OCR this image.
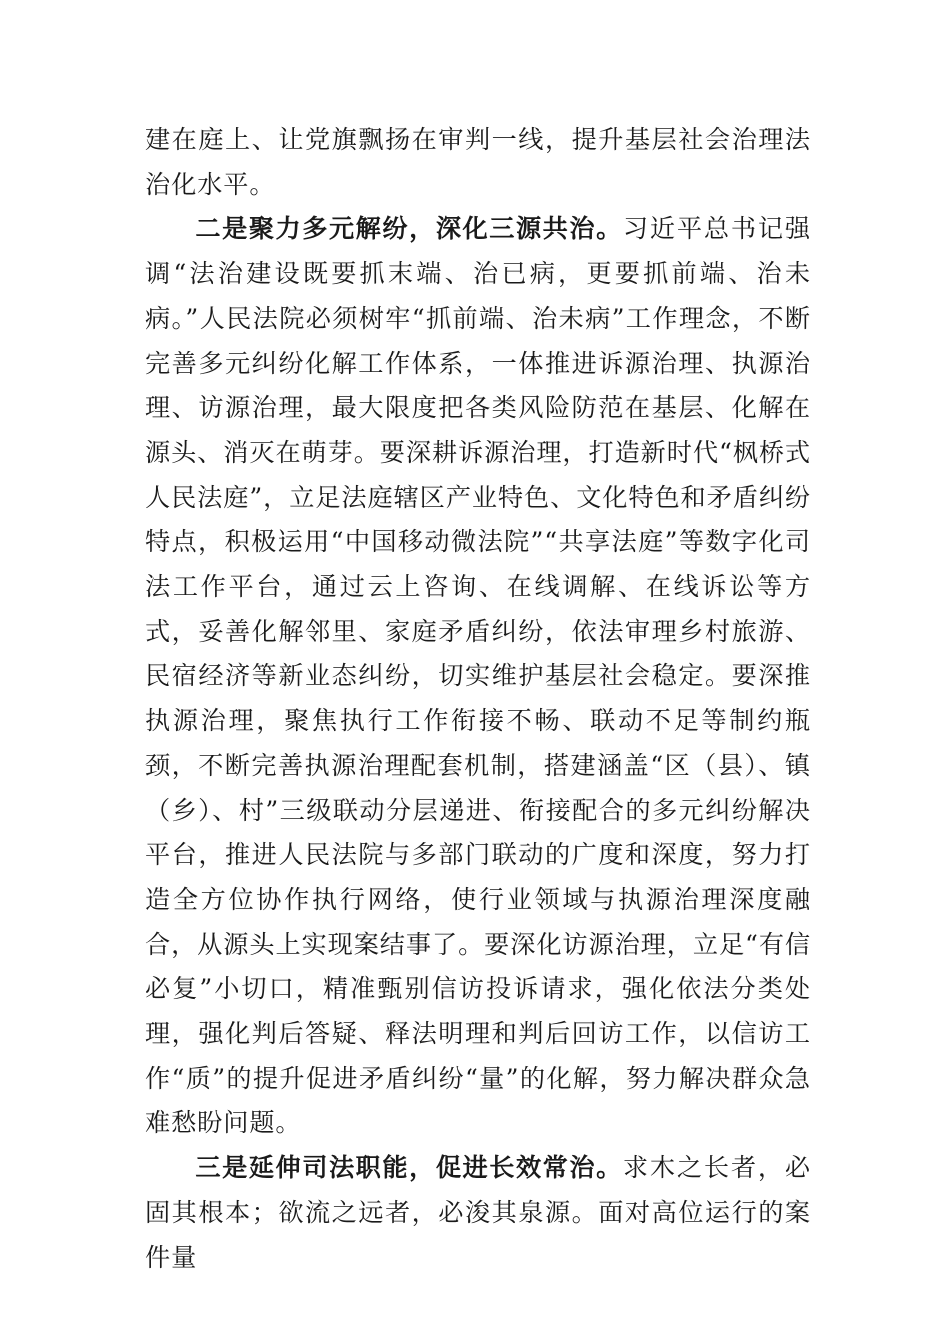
建在庭上、让党旗飘扬在审判一线，提升基层社会治理法治化水平。

二是聚力多元解纷，深化三源共治。习近平总书记强调“法治建设既要抓末端、治已病，更要抓前端、治未病。”人民法院必须树牢“抓前端、治未病”工作理念，不断完善多元纠纷化解工作体系，一体推进诉源治理、执源治理、访源治理，最大限度把各类风险防范在基层、化解在源头、消灭在萌芽。要深耕诉源治理，打造新时代“枫桥式人民法庭”，立足法庭辖区产业特色、文化特色和矛盾纠纷特点，积极运用“中国移动微法院”“共享法庭”等数字化司法工作平台，通过云上咨询、在线调解、在线诉讼等方式，妥善化解邻里、家庭矛盾纠纷，依法审理乡村旅游、民宿经济等新业态纠纷，切实维护基层社会稳定。要深推执源治理，聚焦执行工作衔接不畅、联动不足等制约瓶颈，不断完善执源治理配套机制，搭建涵盖“区（县）、镇（乡）、村”三级联动分层递进、衔接配合的多元纠纷解决平台，推进人民法院与多部门联动的广度和深度，努力打造全方位协作执行网络，使行业领域与执源治理深度融合，从源头上实现案结事了。要深化访源治理，立足“有信必复”小切口，精准甄别信访投诉请求，强化依法分类处理，强化判后答疑、释法明理和判后回访工作，以信访工作“质”的提升促进矛盾纠纷“量”的化解，努力解决群众急难愁盼问题。

三是延伸司法职能，促进长效常治。求木之长者，必固其根本；欲流之远者，必浚其泉源。面对高位运行的案件量
